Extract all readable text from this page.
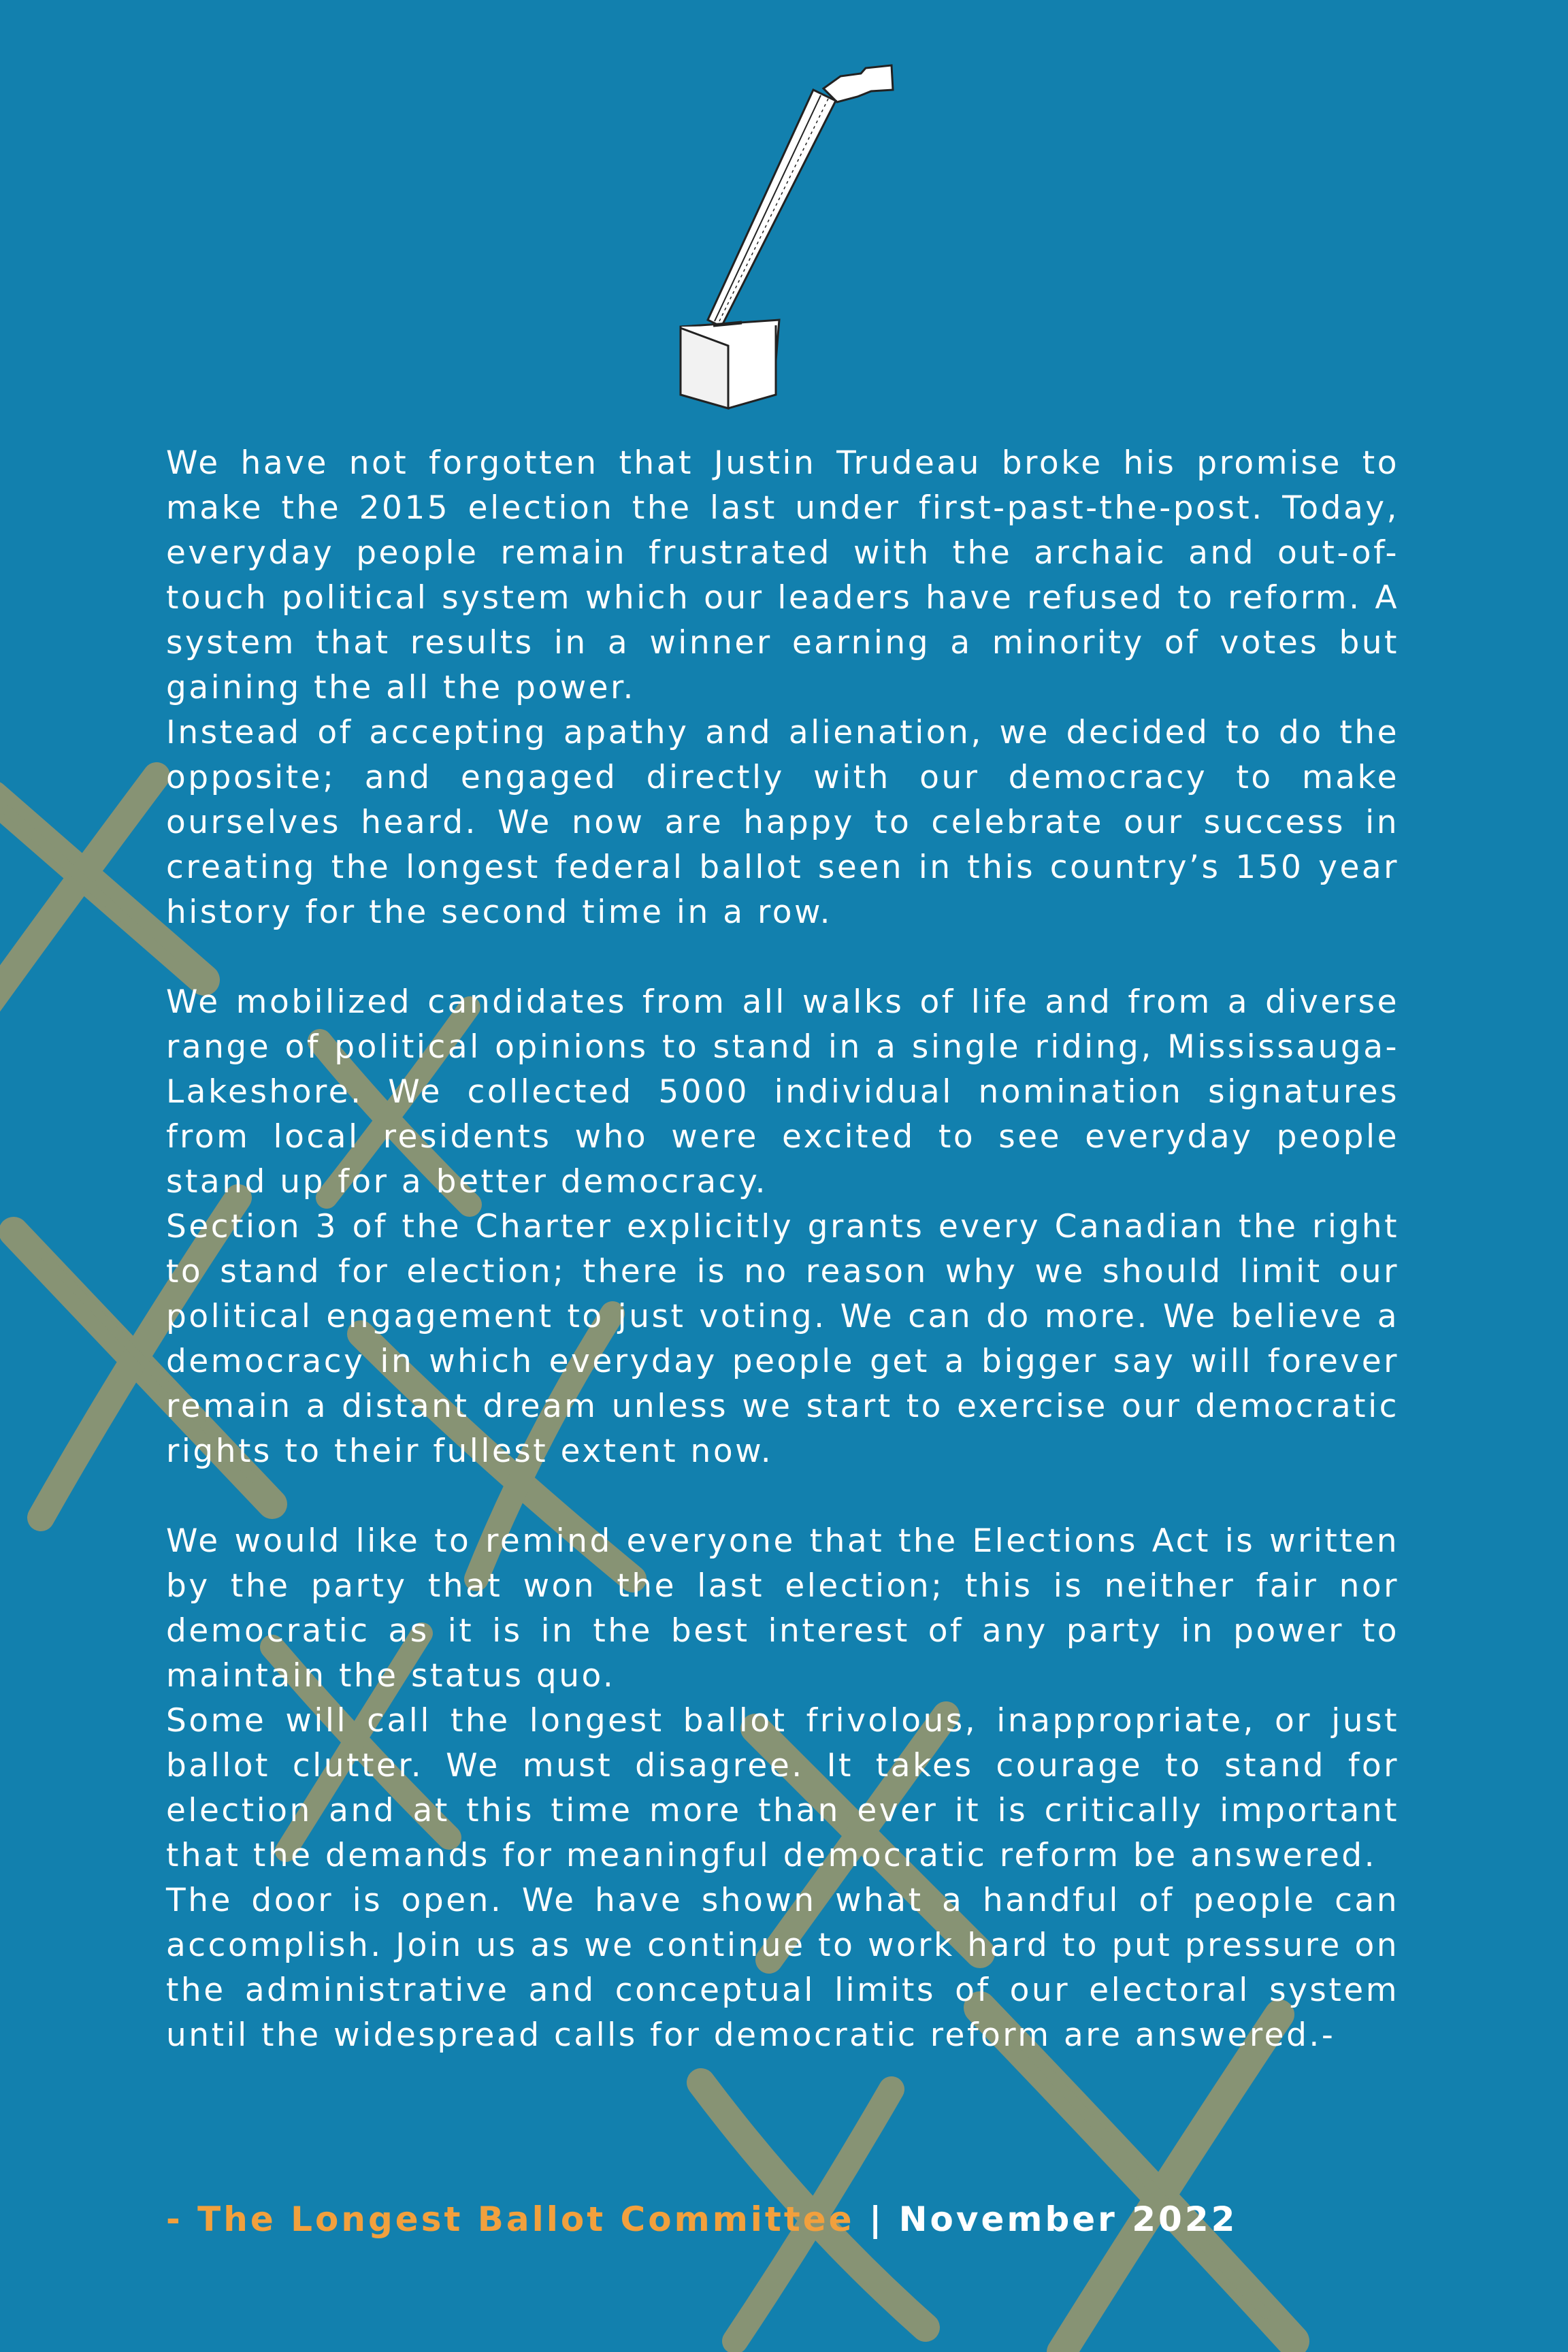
We have not forgotten that Justin Trudeau broke his promise to make the 2015 election the last under first-past-the-post. Today, everyday people remain frustrated with the archaic and out-of-touch political system which our leaders have refused to reform. A system that results in a winner earning a minority of votes but gaining the all the power.

Instead of accepting apathy and alienation, we decided to do the opposite; and engaged directly with our democracy to make ourselves heard. We now are happy to celebrate our success in creating the longest federal ballot seen in this country’s 150 year history for the second time in a row.

We mobilized candidates from all walks of life and from a diverse range of political opinions to stand in a single riding, Mississauga-Lakeshore. We collected 5000 individual nomination signatures from local residents who were excited to see everyday people stand up for a better democracy.

Section 3 of the Charter explicitly grants every Canadian the right to stand for election; there is no reason why we should limit our political engagement to just voting. We can do more. We believe a democracy in which everyday people get a bigger say will forever remain a distant dream unless we start to exercise our democratic rights to their fullest extent now.

We would like to remind everyone that the Elections Act is written by the party that won the last election; this is neither fair nor democratic as it is in the best interest of any party in power to maintain the status quo.

Some will call the longest ballot frivolous, inappropriate, or just ballot clutter. We must disagree. It takes courage to stand for election and at this time more than ever it is critically important that the demands for meaningful democratic reform be answered.

The door is open. We have shown what a handful of people can accomplish. Join us as we continue to work hard to put pressure on the administrative and conceptual limits of our electoral system until the widespread calls for democratic reform are answered.-

- The Longest Ballot Committee | November 2022
